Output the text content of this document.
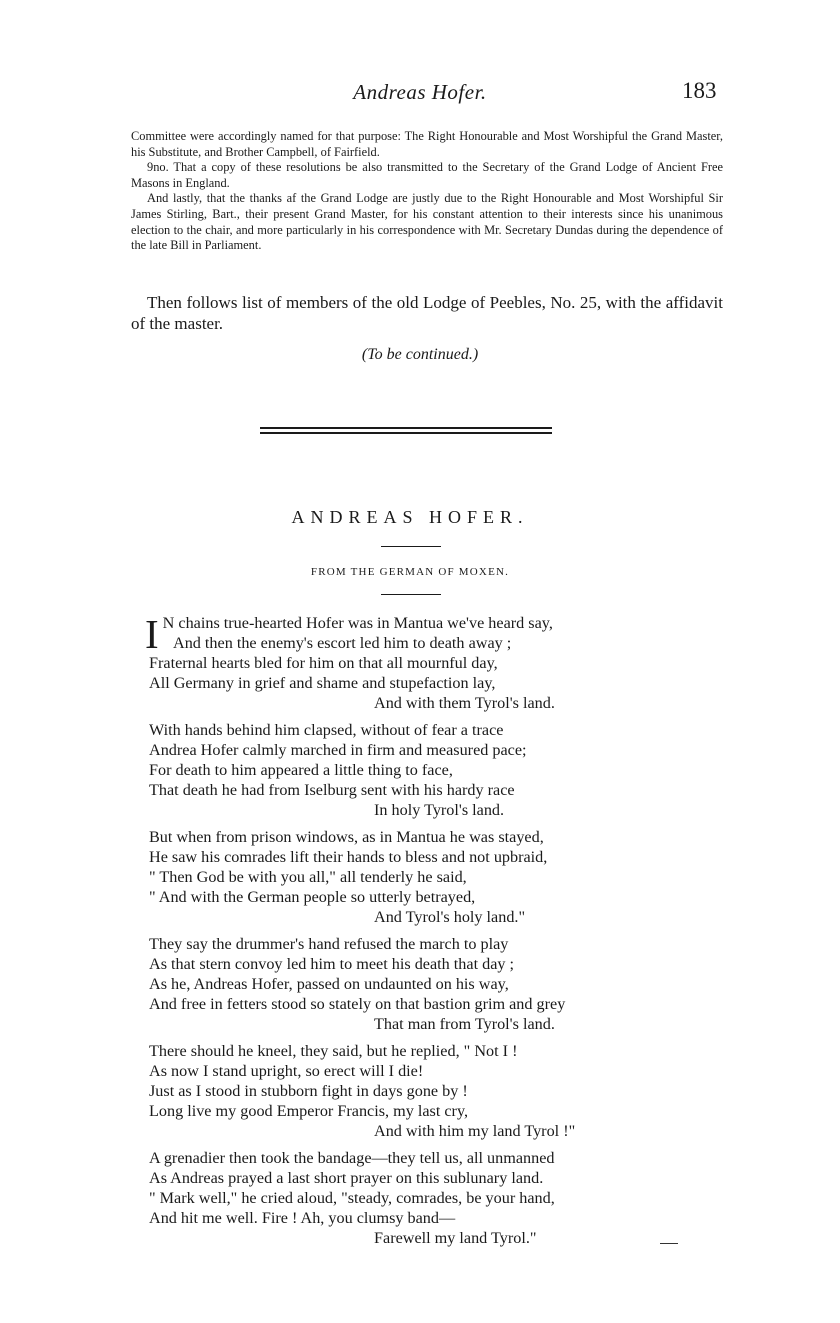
Andreas Hofer.	183

Committee were accordingly named for that purpose: The Right Honourable and Most Worshipful the Grand Master, his Substitute, and Brother Campbell, of Fairfield.

9no. That a copy of these resolutions be also transmitted to the Secretary of the Grand Lodge of Ancient Free Masons in England.

And lastly, that the thanks af the Grand Lodge are justly due to the Right Honourable and Most Worshipful Sir James Stirling, Bart., their present Grand Master, for his constant attention to their interests since his unanimous election to the chair, and more particularly in his correspondence with Mr. Secretary Dundas during the dependence of the late Bill in Parliament.

Then follows list of members of the old Lodge of Peebles, No. 25, with the affidavit of the master.

(To be continued.)
ANDREAS HOFER.
FROM THE GERMAN OF MOXEN.
I N chains true-hearted Hofer was in Mantua we've heard say,
And then the enemy's escort led him to death away ;
Fraternal hearts bled for him on that all mournful day,
All Germany in grief and shame and stupefaction lay,
And with them Tyrol's land.
With hands behind him clapsed, without of fear a trace
Andrea Hofer calmly marched in firm and measured pace;
For death to him appeared a little thing to face,
That death he had from Iselburg sent with his hardy race
In holy Tyrol's land.
But when from prison windows, as in Mantua he was stayed,
He saw his comrades lift their hands to bless and not upbraid,
" Then God be with you all," all tenderly he said,
" And with the German people so utterly betrayed,
And Tyrol's holy land."
They say the drummer's hand refused the march to play
As that stern convoy led him to meet his death that day ;
As he, Andreas Hofer, passed on undaunted on his way,
And free in fetters stood so stately on that bastion grim and grey
That man from Tyrol's land.
There should he kneel, they said, but he replied, " Not I !
As now I stand upright, so erect will I die!
Just as I stood in stubborn fight in days gone by !
Long live my good Emperor Francis, my last cry,
And with him my land Tyrol !"
A grenadier then took the bandage—they tell us, all unmanned
As Andreas prayed a last short prayer on this sublunary land.
" Mark well," he cried aloud, "steady, comrades, be your hand,
And hit me well. Fire ! Ah, you clumsy band—
Farewell my land Tyrol."
